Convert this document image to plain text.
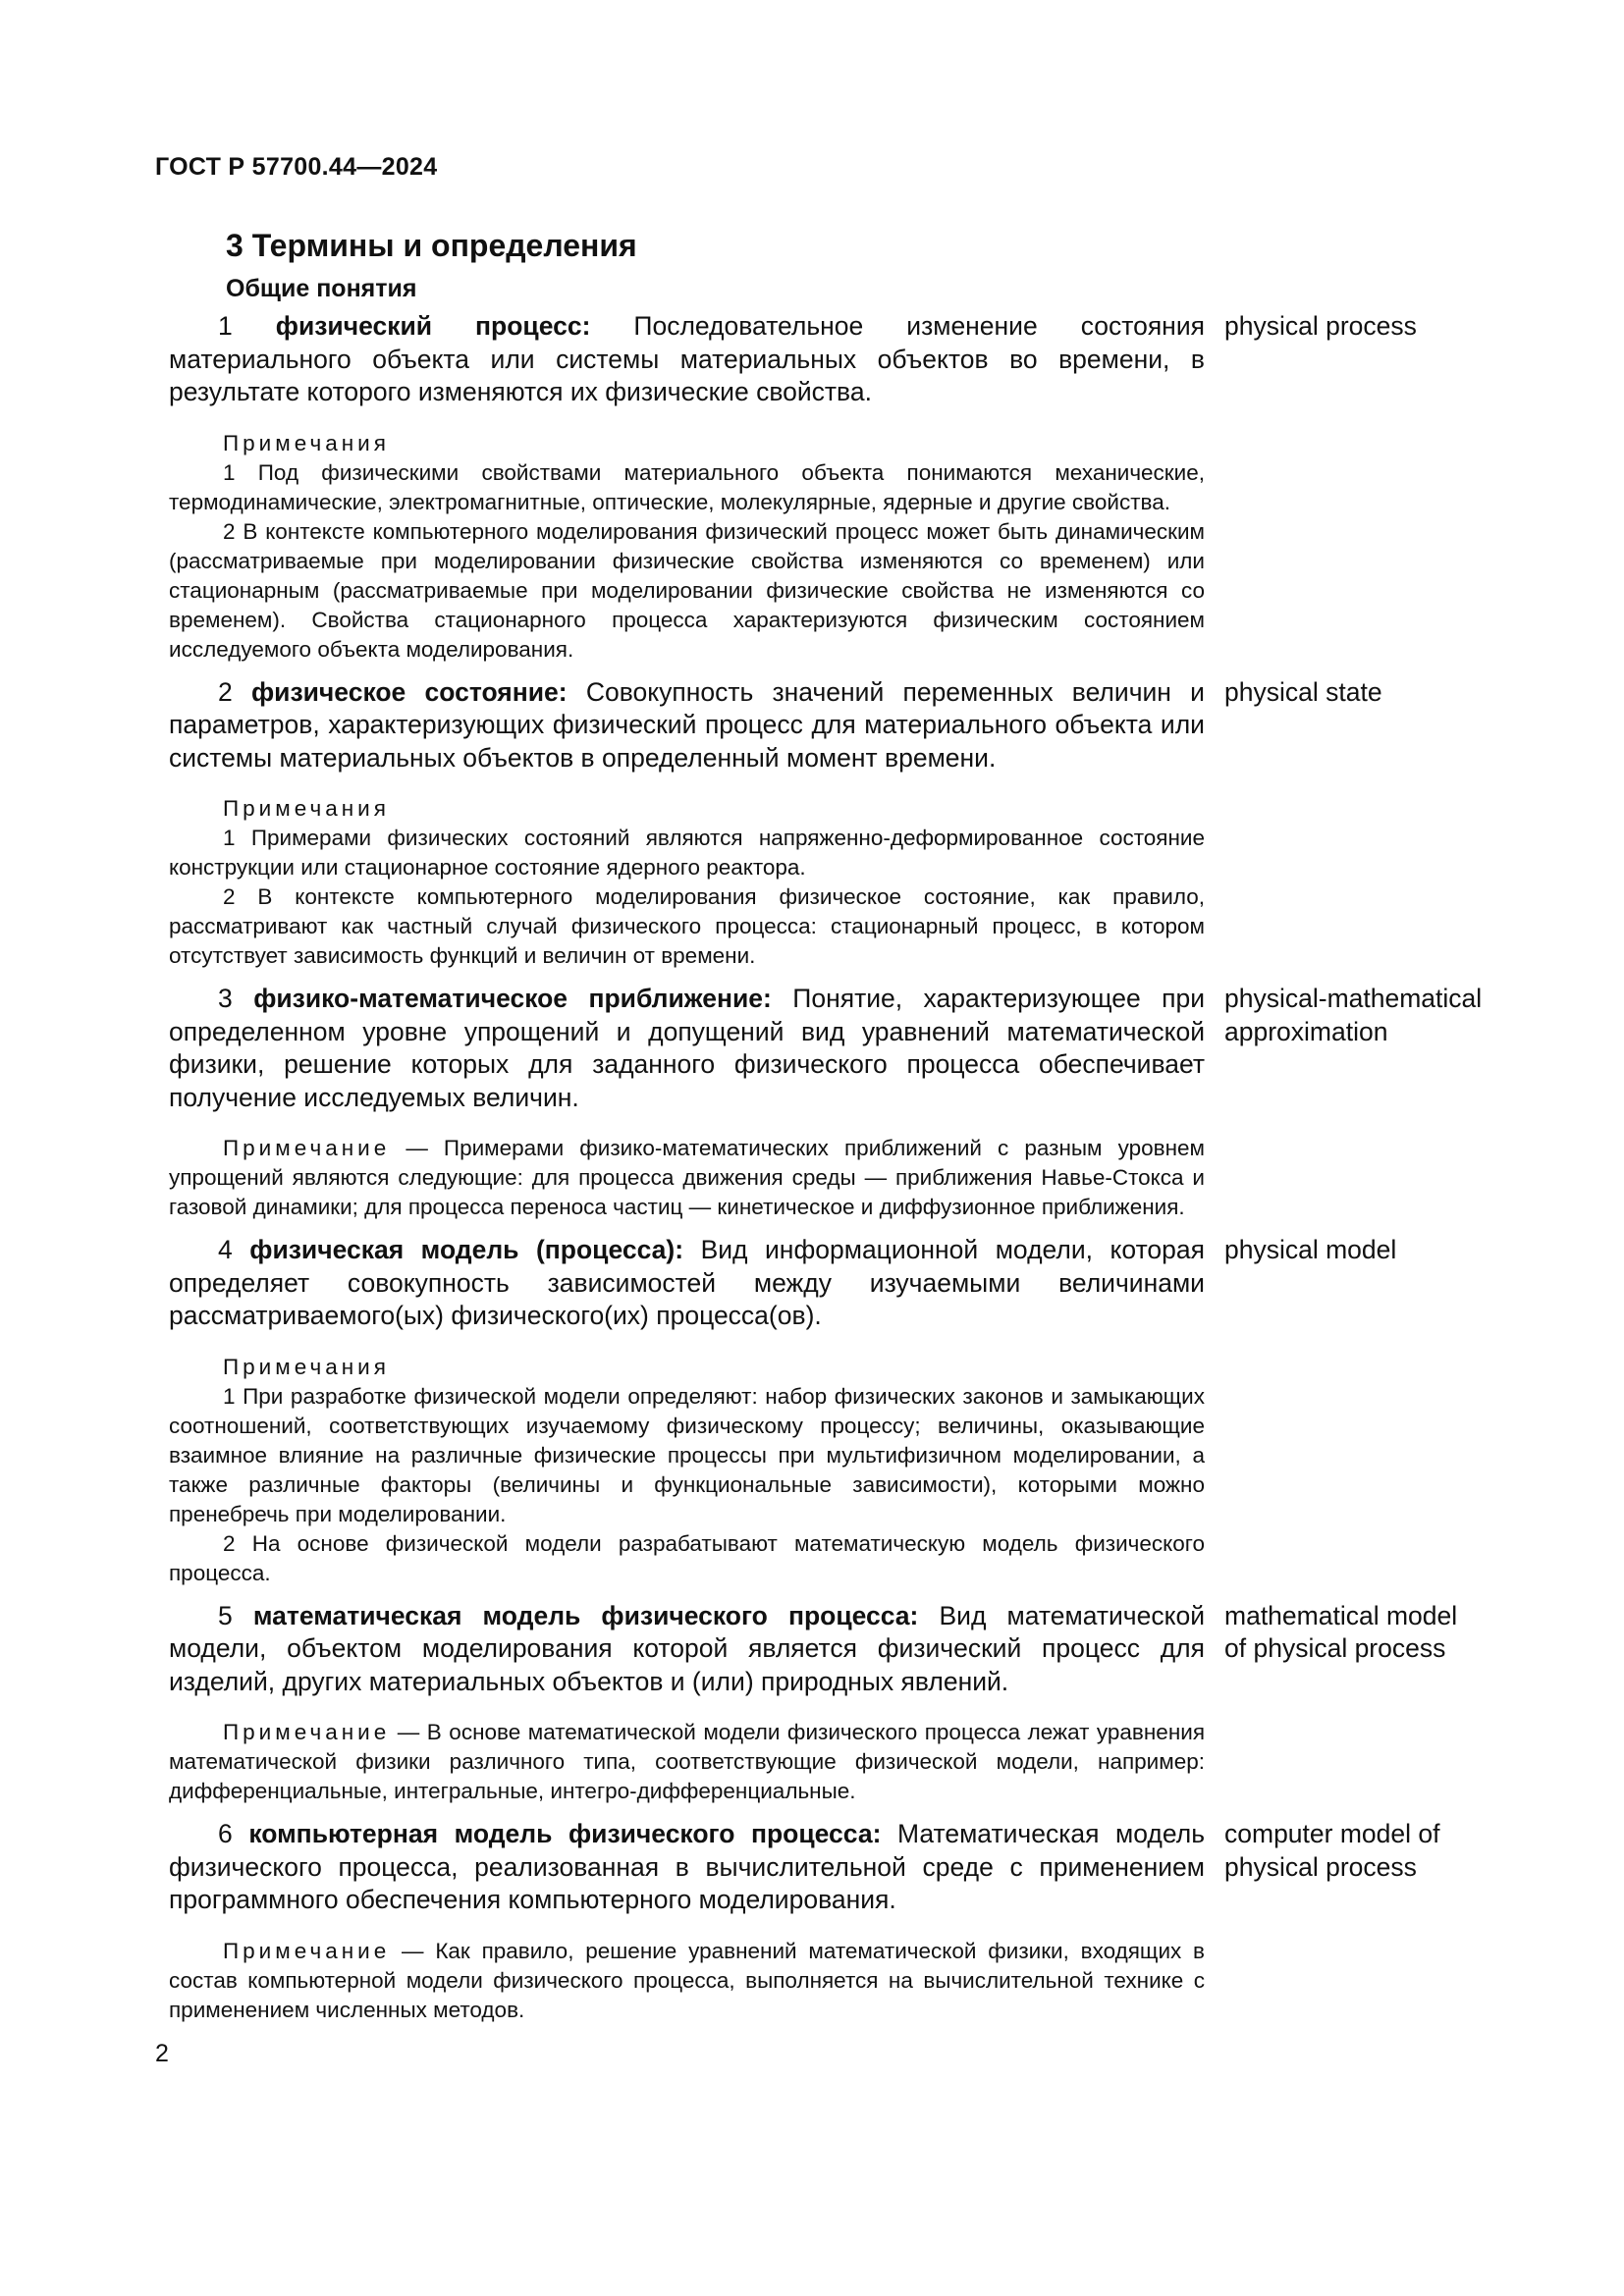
ГОСТ Р 57700.44—2024
3 Термины и определения
Общие понятия

1 физический процесс: Последовательное изменение состояния материального объекта или системы материальных объектов во времени, в результате которого изменяются их физические свойства.

physical process
Примечания

1 Под физическими свойствами материального объекта понимаются механические, термодинамические, электромагнитные, оптические, молекулярные, ядерные и другие свойства.

2 В контексте компьютерного моделирования физический процесс может быть динамическим (рассматриваемые при моделировании физические свойства изменяются со временем) или стационарным (рассматриваемые при моделировании физические свойства не изменяются со временем). Свойства стационарного процесса характеризуются физическим состоянием исследуемого объекта моделирования.

2 физическое состояние: Совокупность значений переменных величин и параметров, характеризующих физический процесс для материального объекта или системы материальных объектов в определенный момент времени.

physical state
Примечания

1 Примерами физических состояний являются напряженно-деформированное состояние конструкции или стационарное состояние ядерного реактора.

2 В контексте компьютерного моделирования физическое состояние, как правило, рассматривают как частный случай физического процесса: стационарный процесс, в котором отсутствует зависимость функций и величин от времени.

3 физико-математическое приближение: Понятие, характеризующее при определенном уровне упрощений и допущений вид уравнений математической физики, решение которых для заданного физического процесса обеспечивает получение исследуемых величин.

physical-mathematical approximation

Примечание — Примерами физико-математических приближений с разным уровнем упрощений являются следующие: для процесса движения среды — приближения Навье-Стокса и газовой динамики; для процесса переноса частиц — кинетическое и диффузионное приближения.

4 физическая модель (процесса): Вид информационной модели, которая определяет совокупность зависимостей между изучаемыми величинами рассматриваемого(ых) физического(их) процесса(ов).

physical model
Примечания

1 При разработке физической модели определяют: набор физических законов и замыкающих соотношений, соответствующих изучаемому физическому процессу; величины, оказывающие взаимное влияние на различные физические процессы при мультифизичном моделировании, а также различные факторы (величины и функциональные зависимости), которыми можно пренебречь при моделировании.

2 На основе физической модели разрабатывают математическую модель физического процесса.

5 математическая модель физического процесса: Вид математической модели, объектом моделирования которой является физический процесс для изделий, других материальных объектов и (или) природных явлений.

mathematical model of physical process

Примечание — В основе математической модели физического процесса лежат уравнения математической физики различного типа, соответствующие физической модели, например: дифференциальные, интегральные, интегро-дифференциальные.

6 компьютерная модель физического процесса: Математическая модель физического процесса, реализованная в вычислительной среде с применением программного обеспечения компьютерного моделирования.

computer model of physical process

Примечание — Как правило, решение уравнений математической физики, входящих в состав компьютерной модели физического процесса, выполняется на вычислительной технике с применением численных методов.

2
